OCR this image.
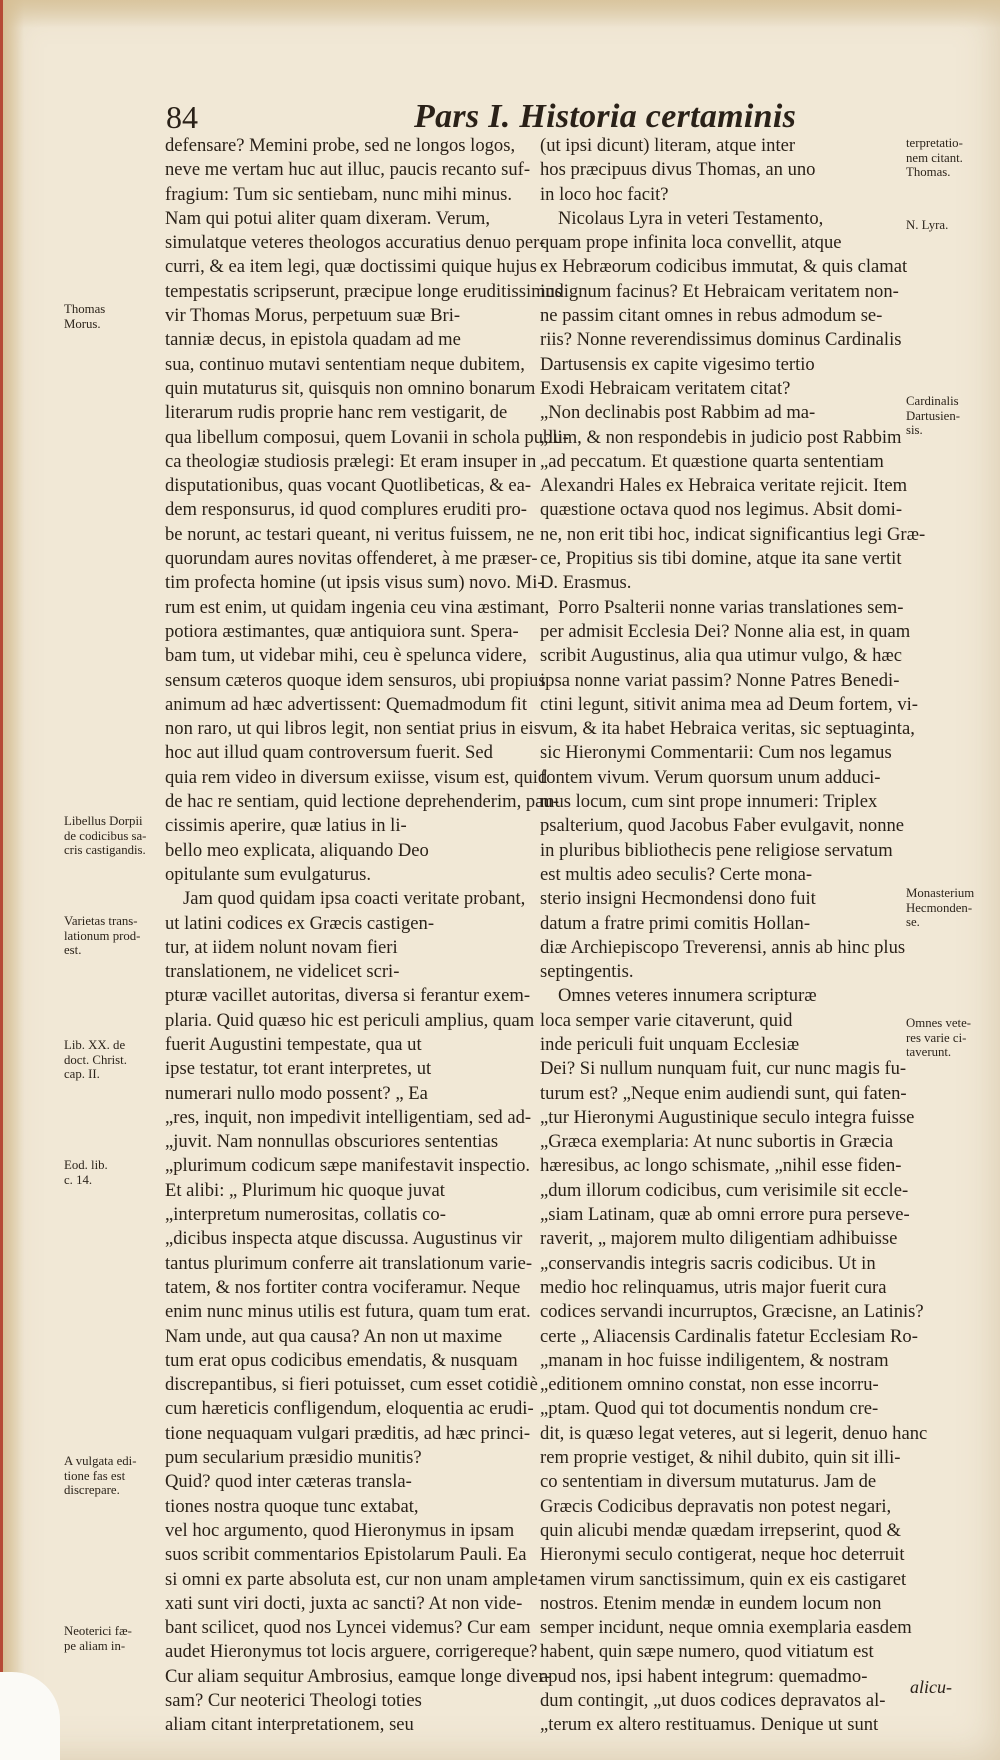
84	Pars I. Historia certaminis
defensare? Memini probe, sed ne longos logos,
neve me vertam huc aut illuc, paucis recanto suf-
fragium: Tum sic sentiebam, nunc mihi minus.
Nam qui potui aliter quam dixeram. Verum,
simulatque veteres theologos accuratius denuo per-
curri, & ea item legi, quæ doctissimi quique hujus
tempestatis scripserunt, præcipue longe eruditissimus
vir Thomas Morus, perpetuum suæ Bri-
tanniæ decus, in epistola quadam ad me
sua, continuo mutavi sententiam neque dubitem,
quin mutaturus sit, quisquis non omnino bonarum
literarum rudis proprie hanc rem vestigarit, de
qua libellum composui, quem Lovanii in schola publi-
ca theologiæ studiosis prælegi: Et eram insuper in
disputationibus, quas vocant Quotlibeticas, & ea-
dem responsurus, id quod complures eruditi pro-
be norunt, ac testari queant, ni veritus fuissem, ne
quorundam aures novitas offenderet, à me præser-
tim profecta homine (ut ipsis visus sum) novo. Mi-
rum est enim, ut quidam ingenia ceu vina æstimant,
potiora æstimantes, quæ antiquiora sunt. Spera-
bam tum, ut videbar mihi, ceu è spelunca videre,
sensum cæteros quoque idem sensuros, ubi propius
animum ad hæc advertissent: Quemadmodum fit
non raro, ut qui libros legit, non sentiat prius in eis
hoc aut illud quam controversum fuerit. Sed
quia rem video in diversum exiisse, visum est, quid
de hac re sentiam, quid lectione deprehenderim, pau-
cissimis aperire, quæ latius in li-
bello meo explicata, aliquando Deo
opitulante sum evulgaturus.
Jam quod quidam ipsa coacti veritate probant,
ut latini codices ex Græcis castigen-
tur, at iidem nolunt novam fieri
translationem, ne videlicet scri-
pturæ vacillet autoritas, diversa si ferantur exem-
plaria. Quid quæso hic est periculi amplius, quam
fuerit Augustini tempestate, qua ut
ipse testatur, tot erant interpretes, ut
numerari nullo modo possent? „ Ea
„res, inquit, non impedivit intelligentiam, sed ad-
„juvit. Nam nonnullas obscuriores sententias
„plurimum codicum sæpe manifestavit inspectio.
Et alibi: „ Plurimum hic quoque juvat
„interpretum numerositas, collatis co-
„dicibus inspecta atque discussa. Augustinus vir
tantus plurimum conferre ait translationum varie-
tatem, & nos fortiter contra vociferamur. Neque
enim nunc minus utilis est futura, quam tum erat.
Nam unde, aut qua causa? An non ut maxime
tum erat opus codicibus emendatis, & nusquam
discrepantibus, si fieri potuisset, cum esset cotidiè
cum hæreticis confligendum, eloquentia ac erudi-
tione nequaquam vulgari præditis, ad hæc princi-
pum secularium præsidio munitis?
Quid? quod inter cæteras transla-
tiones nostra quoque tunc extabat,
vel hoc argumento, quod Hieronymus in ipsam
suos scribit commentarios Epistolarum Pauli. Ea
si omni ex parte absoluta est, cur non unam ample-
xati sunt viri docti, juxta ac sancti? At non vide-
bant scilicet, quod nos Lyncei videmus? Cur eam
audet Hieronymus tot locis arguere, corrigereque?
Cur aliam sequitur Ambrosius, eamque longe diver-
sam? Cur neoterici Theologi toties
aliam citant interpretationem, seu
(ut ipsi dicunt) literam, atque inter
hos præcipuus divus Thomas, an uno
in loco hoc facit?
Nicolaus Lyra in veteri Testamento,
quam prope infinita loca convellit, atque
ex Hebræorum codicibus immutat, & quis clamat
indignum facinus? Et Hebraicam veritatem non-
ne passim citant omnes in rebus admodum se-
riis? Nonne reverendissimus dominus Cardinalis
Dartusensis ex capite vigesimo tertio
Exodi Hebraicam veritatem citat?
„Non declinabis post Rabbim ad ma-
„lum, & non respondebis in judicio post Rabbim
„ad peccatum. Et quæstione quarta sententiam
Alexandri Hales ex Hebraica veritate rejicit. Item
quæstione octava quod nos legimus. Absit domi-
ne, non erit tibi hoc, indicat significantius legi Græ-
ce, Propitius sis tibi domine, atque ita sane vertit
D. Erasmus.
Porro Psalterii nonne varias translationes sem-
per admisit Ecclesia Dei? Nonne alia est, in quam
scribit Augustinus, alia qua utimur vulgo, & hæc
ipsa nonne variat passim? Nonne Patres Benedi-
ctini legunt, sitivit anima mea ad Deum fortem, vi-
vum, & ita habet Hebraica veritas, sic septuaginta,
sic Hieronymi Commentarii: Cum nos legamus
fontem vivum. Verum quorsum unum adduci-
mus locum, cum sint prope innumeri: Triplex
psalterium, quod Jacobus Faber evulgavit, nonne
in pluribus bibliothecis pene religiose servatum
est multis adeo seculis? Certe mona-
sterio insigni Hecmondensi dono fuit
datum a fratre primi comitis Hollan-
diæ Archiepiscopo Treverensi, annis ab hinc plus
septingentis.
Omnes veteres innumera scripturæ
loca semper varie citaverunt, quid
inde periculi fuit unquam Ecclesiæ
Dei? Si nullum nunquam fuit, cur nunc magis fu-
turum est? „Neque enim audiendi sunt, qui faten-
„tur Hieronymi Augustinique seculo integra fuisse
„Græca exemplaria: At nunc subortis in Græcia
hæresibus, ac longo schismate, „nihil esse fiden-
„dum illorum codicibus, cum verisimile sit eccle-
„siam Latinam, quæ ab omni errore pura perseve-
raverit, „ majorem multo diligentiam adhibuisse
„conservandis integris sacris codicibus. Ut in
medio hoc relinquamus, utris major fuerit cura
codices servandi incurruptos, Græcisne, an Latinis?
certe „ Aliacensis Cardinalis fatetur Ecclesiam Ro-
„manam in hoc fuisse indiligentem, & nostram
„editionem omnino constat, non esse incorru-
„ptam. Quod qui tot documentis nondum cre-
dit, is quæso legat veteres, aut si legerit, denuo hanc
rem proprie vestiget, & nihil dubito, quin sit illi-
co sententiam in diversum mutaturus. Jam de
Græcis Codicibus depravatis non potest negari,
quin alicubi mendæ quædam irrepserint, quod &
Hieronymi seculo contigerat, neque hoc deterruit
tamen virum sanctissimum, quin ex eis castigaret
nostros. Etenim mendæ in eundem locum non
semper incidunt, neque omnia exemplaria easdem
habent, quin sæpe numero, quod vitiatum est
apud nos, ipsi habent integrum: quemadmo-
dum contingit, „ut duos codices depravatos al-
„terum ex altero restituamus. Denique ut sunt
Thomas
Morus.
Libellus Dorpii
de codicibus sa-
cris castigandis.
Varietas trans-
lationum prod-
est.
Lib. XX. de
doct. Christ.
cap. II.
Eod. lib.
c. 14.
A vulgata edi-
tione fas est
discrepare.
Neoterici fæ-
pe aliam in-
terpretatio-
nem citant.
Thomas.
N. Lyra.
Cardinalis
Dartusien-
sis.
Monasterium
Hecmonden-
se.
Omnes vete-
res varie ci-
taverunt.
alicu-
